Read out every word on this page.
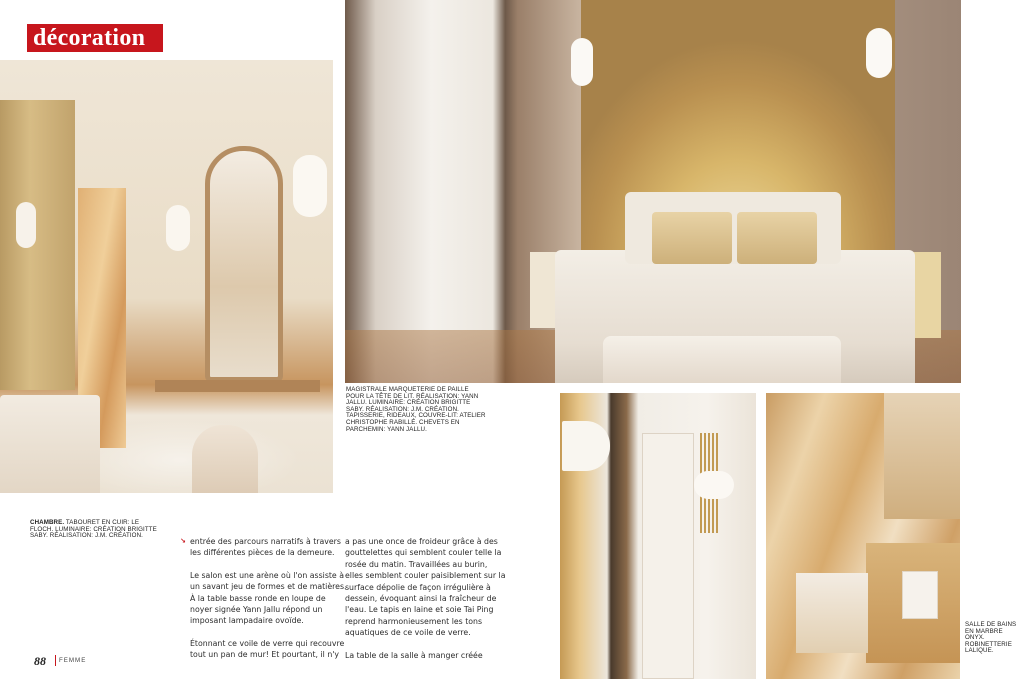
décoration
MAGISTRALE MARQUETERIE DE PAILLE POUR LA TÊTE DE LIT. RÉALISATION: YANN JALLU. LUMINAIRE: CRÉATION BRIGITTE SABY. RÉALISATION: J.M. CRÉATION. TAPISSERIE, RIDEAUX, COUVRE-LIT: ATELIER CHRISTOPHE RABILLÉ. CHEVETS EN PARCHEMIN: YANN JALLU.
CHAMBRE. TABOURET EN CUIR: LE FLOCH. LUMINAIRE: CRÉATION BRIGITTE SABY. RÉALISATION: J.M. CRÉATION.
SALLE DE BAINS EN MARBRE ONYX. ROBINETTERIE LALIQUE.
↘ entrée des parcours narratifs à travers les différentes pièces de la demeure.

Le salon est une arène où l'on assiste à un savant jeu de formes et de matières. À la table basse ronde en loupe de noyer signée Yann Jallu répond un imposant lampadaire ovoïde.

Étonnant ce voile de verre qui recouvre tout un pan de mur! Et pourtant, il n'y

a pas une once de froideur grâce à des gouttelettes qui semblent couler telle la rosée du matin. Travaillées au burin, elles semblent couler paisiblement sur la surface dépolie de façon irrégulière à dessein, évoquant ainsi la fraîcheur de l'eau. Le tapis en laine et soie Tai Ping reprend harmonieusement les tons aquatiques de ce voile de verre.

La table de la salle à manger créée

88 FEMME
